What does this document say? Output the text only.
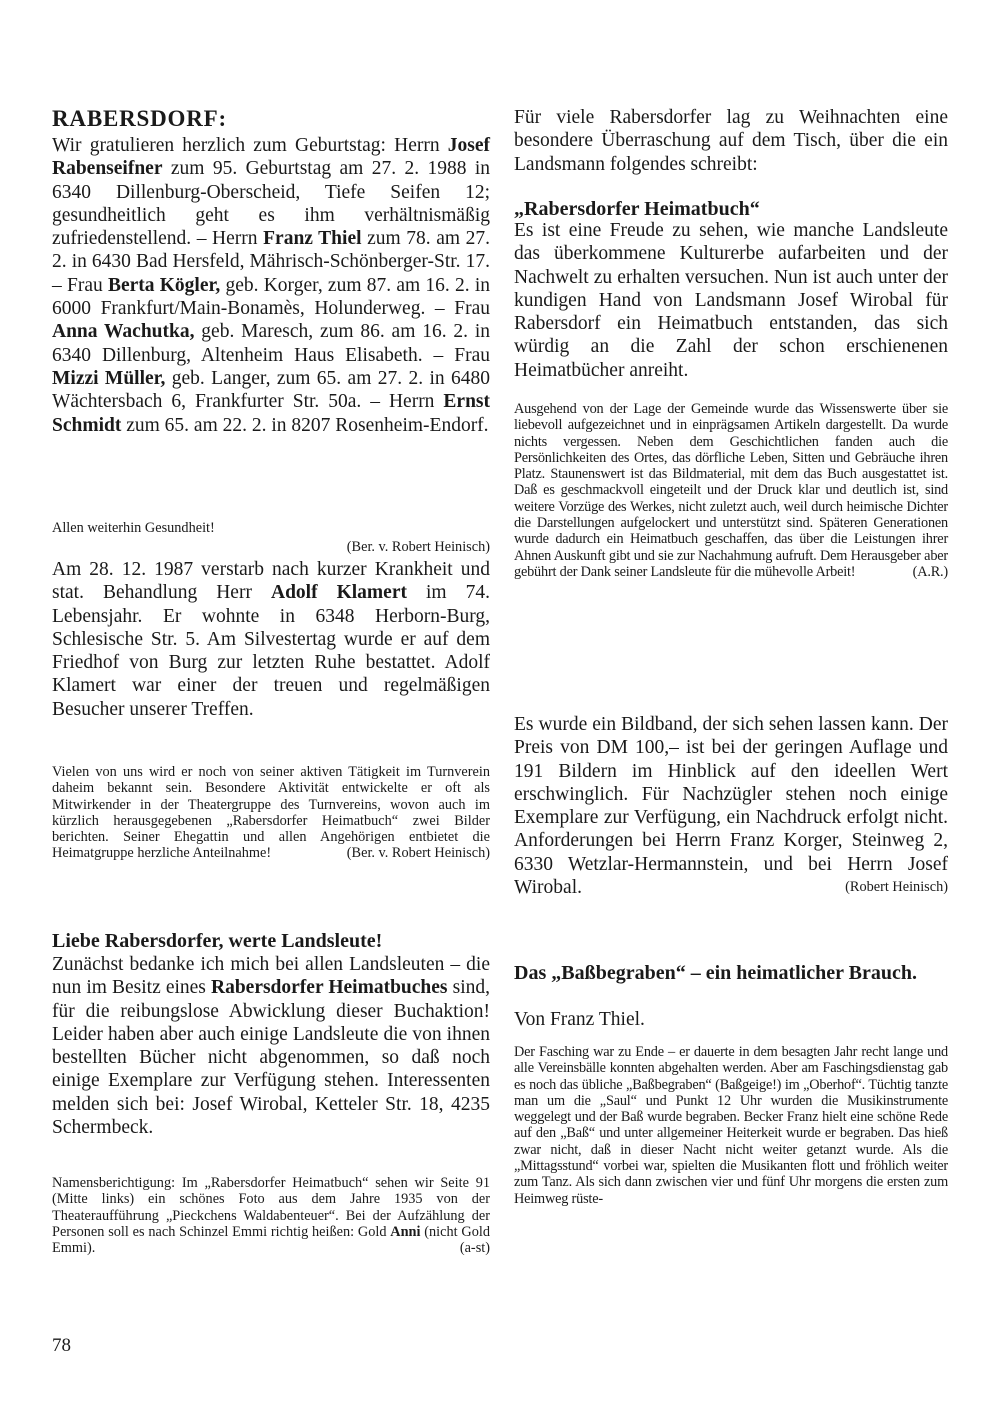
RABERSDORF:

Wir gratulieren herzlich zum Geburtstag: Herrn Josef Rabenseifner zum 95. Geburtstag am 27. 2. 1988 in 6340 Dillenburg-Oberscheid, Tiefe Seifen 12; gesundheitlich geht es ihm verhältnismäßig zufriedenstellend. – Herrn Franz Thiel zum 78. am 27. 2. in 6430 Bad Hersfeld, Mährisch-Schönberger-Str. 17. – Frau Berta Kögler, geb. Korger, zum 87. am 16. 2. in 6000 Frankfurt/Main-Bonamès, Holunderweg. – Frau Anna Wachutka, geb. Maresch, zum 86. am 16. 2. in 6340 Dillenburg, Altenheim Haus Elisabeth. – Frau Mizzi Müller, geb. Langer, zum 65. am 27. 2. in 6480 Wächtersbach 6, Frankfurter Str. 50a. – Herrn Ernst Schmidt zum 65. am 22. 2. in 8207 Rosenheim-Endorf.

Allen weiterhin Gesundheit!
(Ber. v. Robert Heinisch)

Am 28. 12. 1987 verstarb nach kurzer Krankheit und stat. Behandlung Herr Adolf Klamert im 74. Lebensjahr. Er wohnte in 6348 Herborn-Burg, Schlesische Str. 5. Am Silvestertag wurde er auf dem Friedhof von Burg zur letzten Ruhe bestattet. Adolf Klamert war einer der treuen und regelmäßigen Besucher unserer Treffen.

Vielen von uns wird er noch von seiner aktiven Tätigkeit im Turnverein daheim bekannt sein. Besondere Aktivität entwickelte er oft als Mitwirkender in der Theatergruppe des Turnvereins, wovon auch im kürzlich herausgegebenen „Rabersdorfer Heimatbuch“ zwei Bilder berichten. Seiner Ehegattin und allen Angehörigen entbietet die Heimatgruppe herzliche Anteilnahme!	(Ber. v. Robert Heinisch)

Liebe Rabersdorfer, werte Landsleute!

Zunächst bedanke ich mich bei allen Landsleuten – die nun im Besitz eines Rabersdorfer Heimatbuches sind, für die reibungslose Abwicklung dieser Buchaktion! Leider haben aber auch einige Landsleute die von ihnen bestellten Bücher nicht abgenommen, so daß noch einige Exemplare zur Verfügung stehen. Interessenten melden sich bei: Josef Wirobal, Ketteler Str. 18, 4235 Schermbeck.

Namensberichtigung: Im „Rabersdorfer Heimatbuch“ sehen wir Seite 91 (Mitte links) ein schönes Foto aus dem Jahre 1935 von der Theateraufführung „Pieckchens Waldabenteuer“. Bei der Aufzählung der Personen soll es nach Schinzel Emmi richtig heißen: Gold Anni (nicht Gold Emmi).	(a-st)

78

Für viele Rabersdorfer lag zu Weihnachten eine besondere Überraschung auf dem Tisch, über die ein Landsmann folgendes schreibt:

„Rabersdorfer Heimatbuch“

Es ist eine Freude zu sehen, wie manche Landsleute das überkommene Kulturerbe aufarbeiten und der Nachwelt zu erhalten versuchen. Nun ist auch unter der kundigen Hand von Landsmann Josef Wirobal für Rabersdorf ein Heimatbuch entstanden, das sich würdig an die Zahl der schon erschienenen Heimatbücher anreiht.

Ausgehend von der Lage der Gemeinde wurde das Wissenswerte über sie liebevoll aufgezeichnet und in einprägsamen Artikeln dargestellt. Da wurde nichts vergessen. Neben dem Geschichtlichen fanden auch die Persönlichkeiten des Ortes, das dörfliche Leben, Sitten und Gebräuche ihren Platz. Staunenswert ist das Bildmaterial, mit dem das Buch ausgestattet ist. Daß es geschmackvoll eingeteilt und der Druck klar und deutlich ist, sind weitere Vorzüge des Werkes, nicht zuletzt auch, weil durch heimische Dichter die Darstellungen aufgelockert und unterstützt sind. Späteren Generationen wurde dadurch ein Heimatbuch geschaffen, das über die Leistungen ihrer Ahnen Auskunft gibt und sie zur Nachahmung aufruft. Dem Herausgeber aber gebührt der Dank seiner Landsleute für die mühevolle Arbeit!	(A.R.)

Es wurde ein Bildband, der sich sehen lassen kann. Der Preis von DM 100,– ist bei der geringen Auflage und 191 Bildern im Hinblick auf den ideellen Wert erschwinglich. Für Nachzügler stehen noch einige Exemplare zur Verfügung, ein Nachdruck erfolgt nicht. Anforderungen bei Herrn Franz Korger, Steinweg 2, 6330 Wetzlar-Hermannstein, und bei Herrn Josef Wirobal.	(Robert Heinisch)

Das „Baßbegraben“ – ein heimatlicher Brauch.
Von Franz Thiel.

Der Fasching war zu Ende – er dauerte in dem besagten Jahr recht lange und alle Vereinsbälle konnten abgehalten werden. Aber am Faschingsdienstag gab es noch das übliche „Baßbegraben“ (Baßgeige!) im „Oberhof“. Tüchtig tanzte man um die „Saul“ und Punkt 12 Uhr wurden die Musikinstrumente weggelegt und der Baß wurde begraben. Becker Franz hielt eine schöne Rede auf den „Baß“ und unter allgemeiner Heiterkeit wurde er begraben. Das hieß zwar nicht, daß in dieser Nacht nicht weiter getanzt wurde. Als die „Mittagsstund“ vorbei war, spielten die Musikanten flott und fröhlich weiter zum Tanz. Als sich dann zwischen vier und fünf Uhr morgens die ersten zum Heimweg rüste-
